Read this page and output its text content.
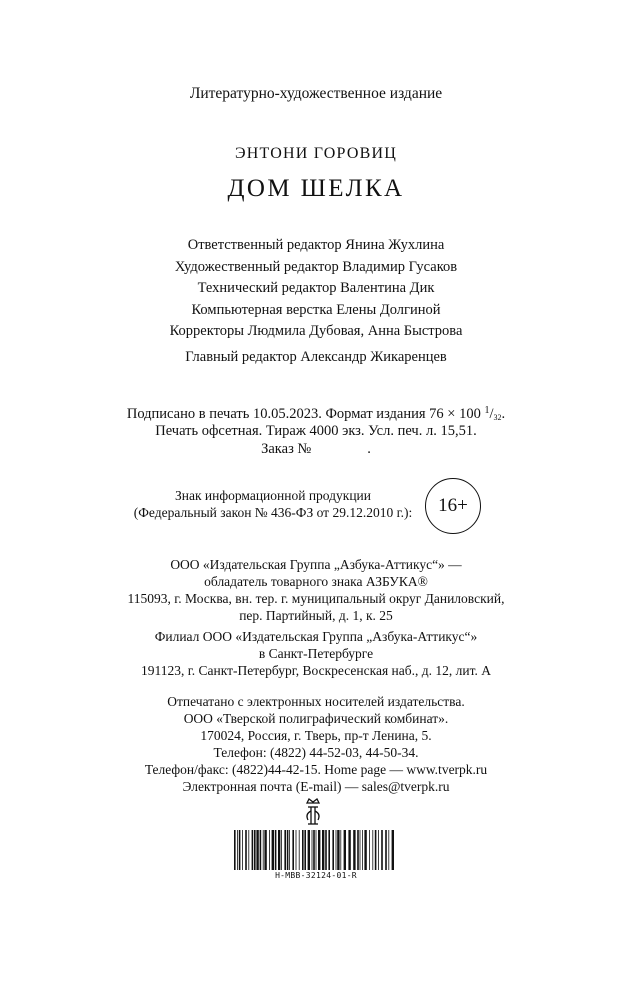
Литературно-художественное издание
ЭНТОНИ ГОРОВИЦ
ДОМ ШЕЛКА
Ответственный редактор Янина Жухлина
Художественный редактор Владимир Гусаков
Технический редактор Валентина Дик
Компьютерная верстка Елены Долгиной
Корректоры Людмила Дубовая, Анна Быстрова
Главный редактор Александр Жикаренцев
Подписано в печать 10.05.2023. Формат издания 76 × 100 $^1/_{32}$.
Печать офсетная. Тираж 4000 экз. Усл. печ. л. 15,51.
Заказ №	.
Знак информационной продукции
(Федеральный закон № 436-ФЗ от 29.12.2010 г.):	16+
ООО «Издательская Группа „Азбука-Аттикус“» —
обладатель товарного знака АЗБУКА®
115093, г. Москва, вн. тер. г. муниципальный округ Даниловский,
пер. Партийный, д. 1, к. 25
Филиал ООО «Издательская Группа „Азбука-Аттикус“»
в Санкт-Петербурге
191123, г. Санкт-Петербург, Воскресенская наб., д. 12, лит. А
Отпечатано с электронных носителей издательства.
ООО «Тверской полиграфический комбинат».
170024, Россия, г. Тверь, пр-т Ленина, 5.
Телефон: (4822) 44-52-03, 44-50-34.
Телефон/факс: (4822)44-42-15. Home page — www.tverpk.ru
Электронная почта (E-mail) — sales@tverpk.ru
Н-МВВ-32124-01-R
